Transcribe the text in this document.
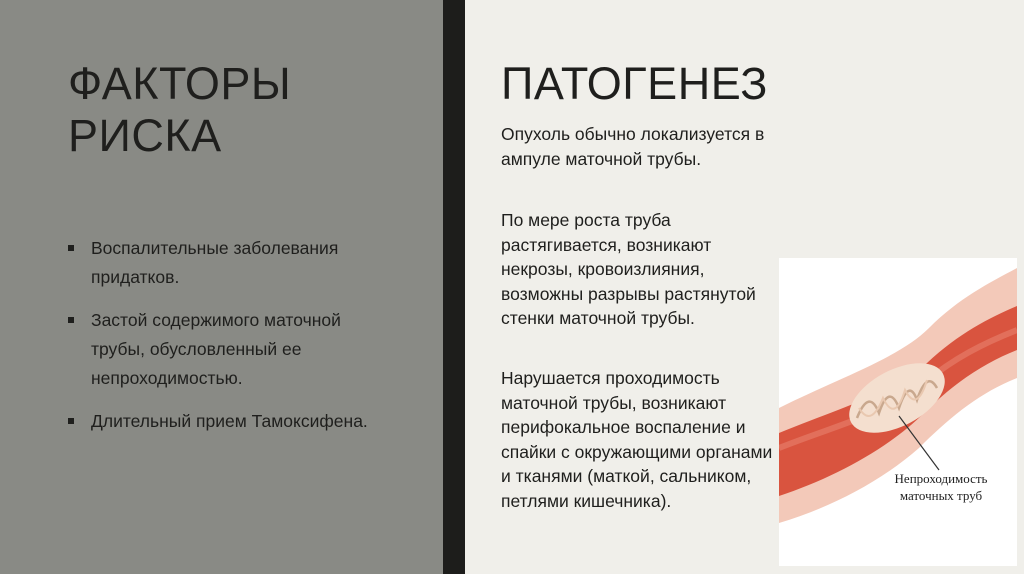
ФАКТОРЫ
РИСКА
Воспалительные заболевания придатков.
Застой содержимого маточной трубы, обусловленный ее непроходимостью.
Длительный прием Тамоксифена.
ПАТОГЕНЕЗ

Опухоль обычно локализуется в ампуле маточной трубы.

По мере роста труба растягивается, возникают некрозы, кровоизлияния, возможны разрывы растянутой стенки маточной трубы.

Нарушается проходимость маточной трубы, возникают перифокальное воспаление и спайки с окружающими органами и тканями (маткой, сальником, петлями кишечника).

Непроходимость
маточных труб
